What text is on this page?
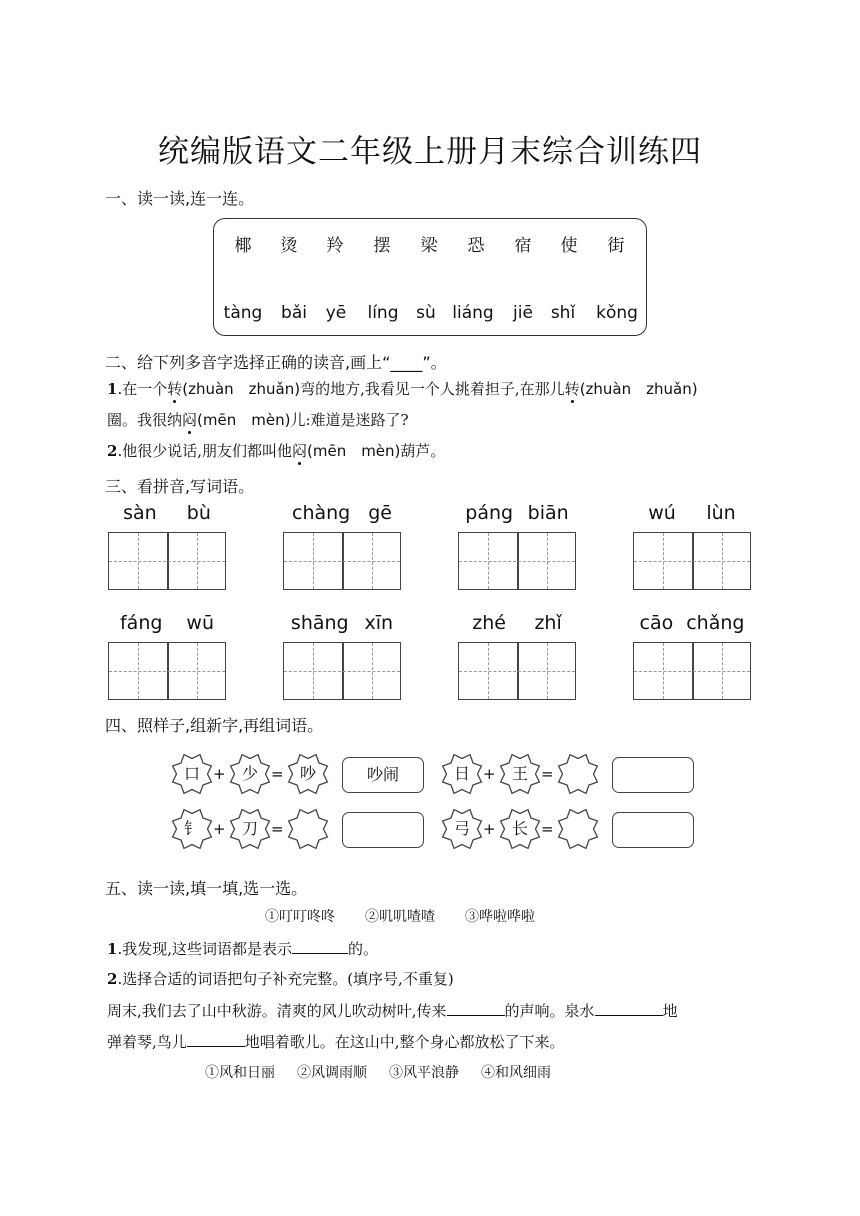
统编版语文二年级上册月末综合训练四
一、读一读,连一连。
椰	烫	羚	摆	梁	恐	宿	使	街
tàng	bǎi	yē	líng	sù liáng	jiē	shǐ	kǒng
二、给下列多音字选择正确的读音,画上“____”。
1.在一个转(zhuàn　zhuǎn)弯的地方,我看见一个人挑着担子,在那儿转(zhuàn　zhuǎn)
圈。我很纳闷(mēn　mèn)儿:难道是迷路了?
2.他很少说话,朋友们都叫他闷(mēn　mèn)葫芦。
三、看拼音,写词语。
sàn bù	chàng gē	páng biān	wú lùn
fáng wū	shāng xīn	zhé zhǐ	cāo chǎng
四、照样子,组新字,再组词语。
口 +	少 =	吵	吵闹	日 +	王 =
钅 +	刀 =	弓 +	长 =
五、读一读,填一填,选一选。
①叮叮咚咚 ②叽叽喳喳 ③哗啦哗啦
1.我发现,这些词语都是表示	的。
2.选择合适的词语把句子补充完整。(填序号,不重复)
周末,我们去了山中秋游。清爽的风儿吹动树叶,传来	的声响。泉水	地
弹着琴,鸟儿	地唱着歌儿。在这山中,整个身心都放松了下来。
①风和日丽 ②风调雨顺 ③风平浪静 ④和风细雨
